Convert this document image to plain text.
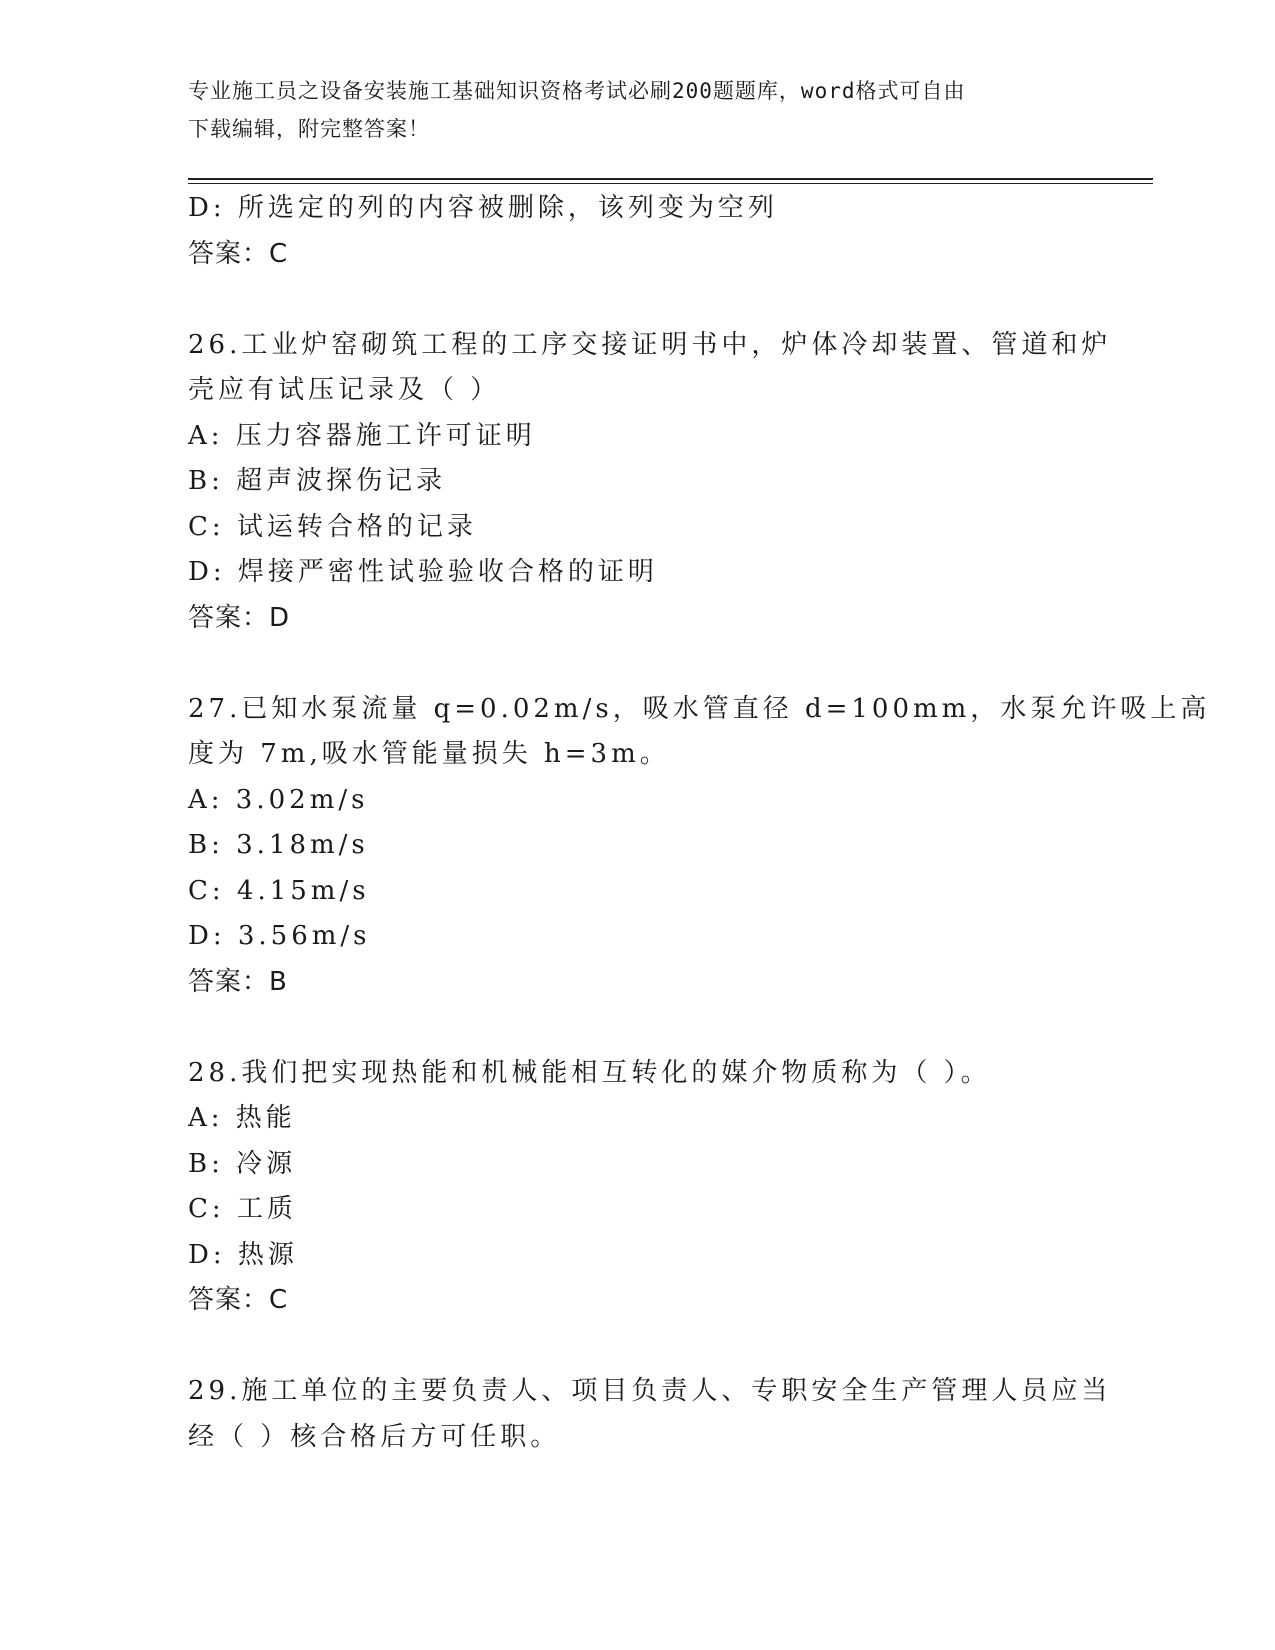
专业施工员之设备安装施工基础知识资格考试必刷200题题库，word格式可自由
下载编辑，附完整答案！
D: 所选定的列的内容被删除，该列变为空列
答案：C
26.工业炉窑砌筑工程的工序交接证明书中，炉体冷却装置、管道和炉
壳应有试压记录及（ ）
A: 压力容器施工许可证明
B: 超声波探伤记录
C: 试运转合格的记录
D: 焊接严密性试验验收合格的证明
答案：D
27.已知水泵流量 q=0.02m/s，吸水管直径 d=100mm，水泵允许吸上高
度为 7m,吸水管能量损失 h=3m。
A: 3.02m/s
B: 3.18m/s
C: 4.15m/s
D: 3.56m/s
答案：B
28.我们把实现热能和机械能相互转化的媒介物质称为（ ）。
A: 热能
B: 冷源
C: 工质
D: 热源
答案：C
29.施工单位的主要负责人、项目负责人、专职安全生产管理人员应当
经（ ）核合格后方可任职。
